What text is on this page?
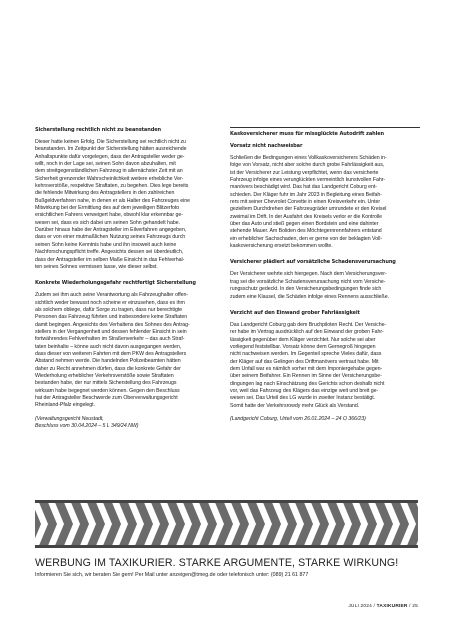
Sicherstellung rechtlich nicht zu beanstanden
Dieser hatte keinen Erfolg. Die Sicherstellung sei rechtlich nicht zu
beanstanden. Im Zeitpunkt der Sicherstellung hätten ausreichende
Anhaltspunkte dafür vorgelegen, dass der Antragsteller weder ge-
willt, noch in der Lage sei, seinen Sohn davon abzuhalten, mit
dem streitgegenständlichen Fahrzeug in allernächster Zeit mit an
Sicherheit grenzender Wahrscheinlichkeit weitere erhebliche Ver-
kehrsverstöße, respektive Straftaten, zu begehen. Dies lege bereits
die fehlende Mitwirkung des Antragstellers in den zahlreichen
Bußgeldverfahren nahe, in denen er als Halter des Fahrzeuges eine
Mitwirkung bei der Ermittlung des auf dem jeweiligen Blitzerfoto
ersichtlichen Fahrers verweigert habe, obwohl klar erkennbar ge-
wesen sei, dass es sich dabei um seinen Sohn gehandelt habe.
Darüber hinaus habe der Antragsteller im Eilverfahren angegeben,
dass er von einer mutmaßlichen Nutzung seines Fahrzeugs durch
seinen Sohn keine Kenntnis habe und ihn insoweit auch keine
Nachforschungspflicht treffe. Angesichts dessen sei überdeutlich,
dass der Antragsteller im selben Maße Einsicht in das Fehlverhal-
ten seines Sohnes vermissen lasse, wie dieser selbst.
Konkrete Wiederholungsgefahr rechtfertigt Sicherstellung
Zudem sei ihm auch seine Verantwortung als Fahrzeughalter offen-
sichtlich weder bewusst noch scheine er einzusehen, dass es ihm
als solchem obliege, dafür Sorge zu tragen, dass nur berechtigte
Personen das Fahrzeug führten und insbesondere keine Straftaten
damit begingen. Angesichts des Verhaltens des Sohnes des Antrag-
stellers in der Vergangenheit und dessen fehlender Einsicht in sein
fortwährendes Fehlverhalten im Straßenverkehr – das auch Straf-
taten beinhalte – könne auch nicht davon ausgegangen werden,
dass dieser von weiteren Fahrten mit dem PKW des Antragstellers
Abstand nehmen werde. Die handelnden Polizeibeamten hätten
daher zu Recht annehmen dürfen, dass die konkrete Gefahr der
Wiederholung erheblicher Verkehrsverstöße sowie Straftaten
bestanden habe, der nur mittels Sicherstellung des Fahrzeugs
wirksam habe begegnet werden können. Gegen den Beschluss
hat der Antragsteller Beschwerde zum Oberverwaltungsgericht
Rheinland-Pfalz eingelegt.
(Verwaltungsgericht Neustadt,
Beschluss vom 30.04.2024 – 5 L 349/24.NW)
Kaskoversicherer muss für missglückte Autodrift zahlen
Vorsatz nicht nachweisbar
Schließen die Bedingungen eines Vollkaskoversicherers Schäden in-
folge von Vorsatz, nicht aber solche durch grobe Fahrlässigkeit aus,
ist der Versicherer zur Leistung verpflichtet, wenn das versicherte
Fahrzeug infolge eines verunglückten vermeintlich kunstvollen Fahr-
manövers beschädigt wird. Das hat das Landgericht Coburg ent-
schieden. Der Kläger fuhr im Jahr 2023 in Begleitung eines Beifah-
rers mit seiner Chevrolet Corvette in einen Kreisverkehr ein. Unter
gezieltem Durchdrehen der Fahrzeugräder umrundete er den Kreisel
zweimal im Drift. In der Ausfahrt des Kreisels verlor er die Kontrolle
über das Auto und stieß gegen einen Bordstein und eine dahinter
stehende Mauer. Am Boliden des Möchtegernrennfahrers entstand
ein erheblicher Sachschaden, den er gerne von der beklagten Voll-
kaskoversicherung ersetzt bekommen wollte.
Versicherer plädiert auf vorsätzliche Schadensverursachung
Der Versicherer wehrte sich hiergegen. Nach dem Versicherungsver-
trag sei die vorsätzliche Schadensverursachung nicht vom Versiche-
rungsschutz gedeckt. In den Versicherungsbedingungen finde sich
zudem eine Klausel, die Schäden infolge eines Rennens ausschließe.
Verzicht auf den Einwand grober Fahrlässigkeit
Das Landgericht Coburg gab dem Bruchpiloten Recht. Der Versiche-
rer habe im Vertrag ausdrücklich auf den Einwand der groben Fahr-
lässigkeit gegenüber dem Kläger verzichtet. Nur solche sei aber
vorliegend feststellbar. Vorsatz könne dem Gernegroß hingegen
nicht nachweisen werden. Im Gegenteil spreche Vieles dafür, dass
der Kläger auf das Gelingen des Driftmanövers vertraut habe. Mit
dem Unfall war es nämlich vorher mit dem Imponiergehabe gegen-
über seinem Beifahrer. Ein Rennen im Sinne der Versicherungsbe-
dingungen lag nach Einschätzung des Gerichts schon deshalb nicht
vor, weil das Fahrzeug des Klägers das einzige weit und breit ge-
wesen sei. Das Urteil des LG wurde in zweiter Instanz bestätigt.
Somit hatte der Verkehrsrowdy mehr Glück als Verstand.
(Landgericht Coburg, Urteil vom 26.01.2024 – 24 O 366/23)
WERBUNG IM TAXIKURIER. STARKE ARGUMENTE, STARKE WIRKUNG!
Informieren Sie sich, wir beraten Sie gern! Per Mail unter anzeigen@tmeg.de oder telefonisch unter: (089) 21 61 877
JULI 2024 / TAXIKURIER / 25
